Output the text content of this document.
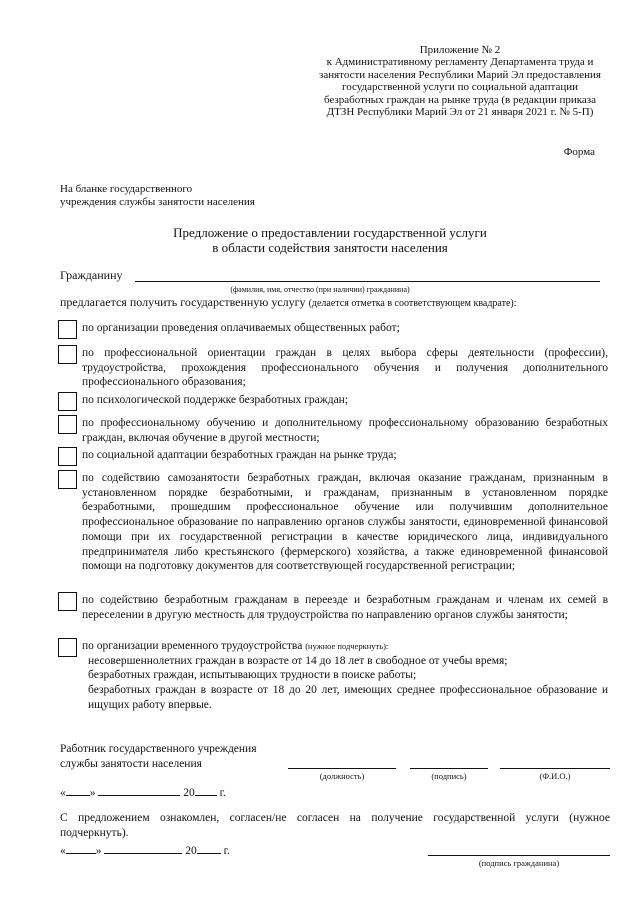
Приложение № 2
к Административному регламенту Департамента труда и
занятости населения Республики Марий Эл предоставления
государственной услуги по социальной адаптации
безработных граждан на рынке труда (в редакции приказа
ДТЗН Республики Марий Эл от 21 января 2021 г. № 5-П)
Форма
На бланке государственного
учреждения службы занятости населения
Предложение о предоставлении государственной услуги
в области содействия занятости населения
Гражданину
(фамилия, имя, отчество (при наличии) гражданина)
предлагается получить государственную услугу (делается отметка в соответствующем квадрате):
по организации проведения оплачиваемых общественных работ;
по профессиональной ориентации граждан в целях выбора сферы деятельности (профессии), трудоустройства, прохождения профессионального обучения и получения дополнительного профессионального образования;
по психологической поддержке безработных граждан;
по профессиональному обучению и дополнительному профессиональному образованию безработных граждан, включая обучение в другой местности;
по социальной адаптации безработных граждан на рынке труда;
по содействию самозанятости безработных граждан, включая оказание гражданам, признанным в установленном порядке безработными, и гражданам, признанным в установленном порядке безработными, прошедшим профессиональное обучение или получившим дополнительное профессиональное образование по направлению органов службы занятости, единовременной финансовой помощи при их государственной регистрации в качестве юридического лица, индивидуального предпринимателя либо крестьянского (фермерского) хозяйства, а также единовременной финансовой помощи на подготовку документов для соответствующей государственной регистрации;
по содействию безработным гражданам в переезде и безработным гражданам и членам их семей в переселении в другую местность для трудоустройства по направлению органов службы занятости;
по организации временного трудоустройства (нужное подчеркнуть):
несовершеннолетних граждан в возрасте от 14 до 18 лет в свободное от учебы время;
безработных граждан, испытывающих трудности в поиске работы;
безработных граждан в возрасте от 18 до 20 лет, имеющих среднее профессиональное образование и ищущих работу впервые.
Работник государственного учреждения
службы занятости населения
(должность)	(подпись)	(Ф.И.О.)
« »	20 г.
С предложением ознакомлен, согласен/не согласен на получение государственной услуги (нужное подчеркнуть).
«	»	20 г.
(подпись гражданина)
